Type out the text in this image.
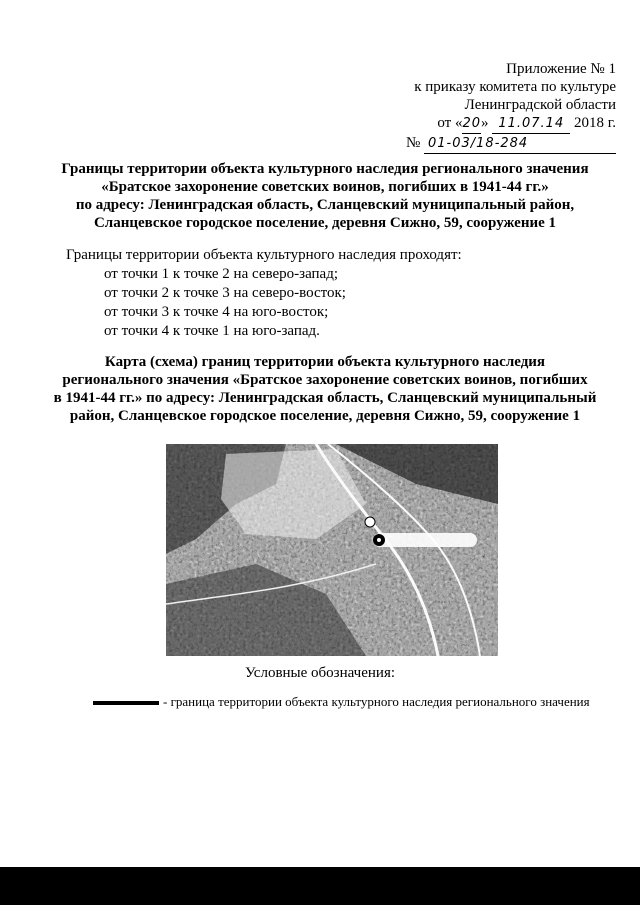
Приложение № 1
к приказу комитета по культуре
Ленинградской области
от «20» 11.07.14 2018 г.
№ 01-03/18-284
Границы территории объекта культурного наследия регионального значения
«Братское захоронение советских воинов, погибших в 1941-44 гг.»
по адресу: Ленинградская область, Сланцевский муниципальный район,
Сланцевское городское поселение, деревня Сижно, 59, сооружение 1
Границы территории объекта культурного наследия проходят:
от точки 1 к точке 2 на северо-запад;
от точки 2 к точке 3 на северо-восток;
от точки 3 к точке 4 на юго-восток;
от точки 4 к точке 1 на юго-запад.
Карта (схема) границ территории объекта культурного наследия
регионального значения «Братское захоронение советских воинов, погибших
в 1941-44 гг.» по адресу: Ленинградская область, Сланцевский муниципальный
район, Сланцевское городское поселение, деревня Сижно, 59, сооружение 1
Условные обозначения:
- граница территории объекта культурного наследия регионального значения
